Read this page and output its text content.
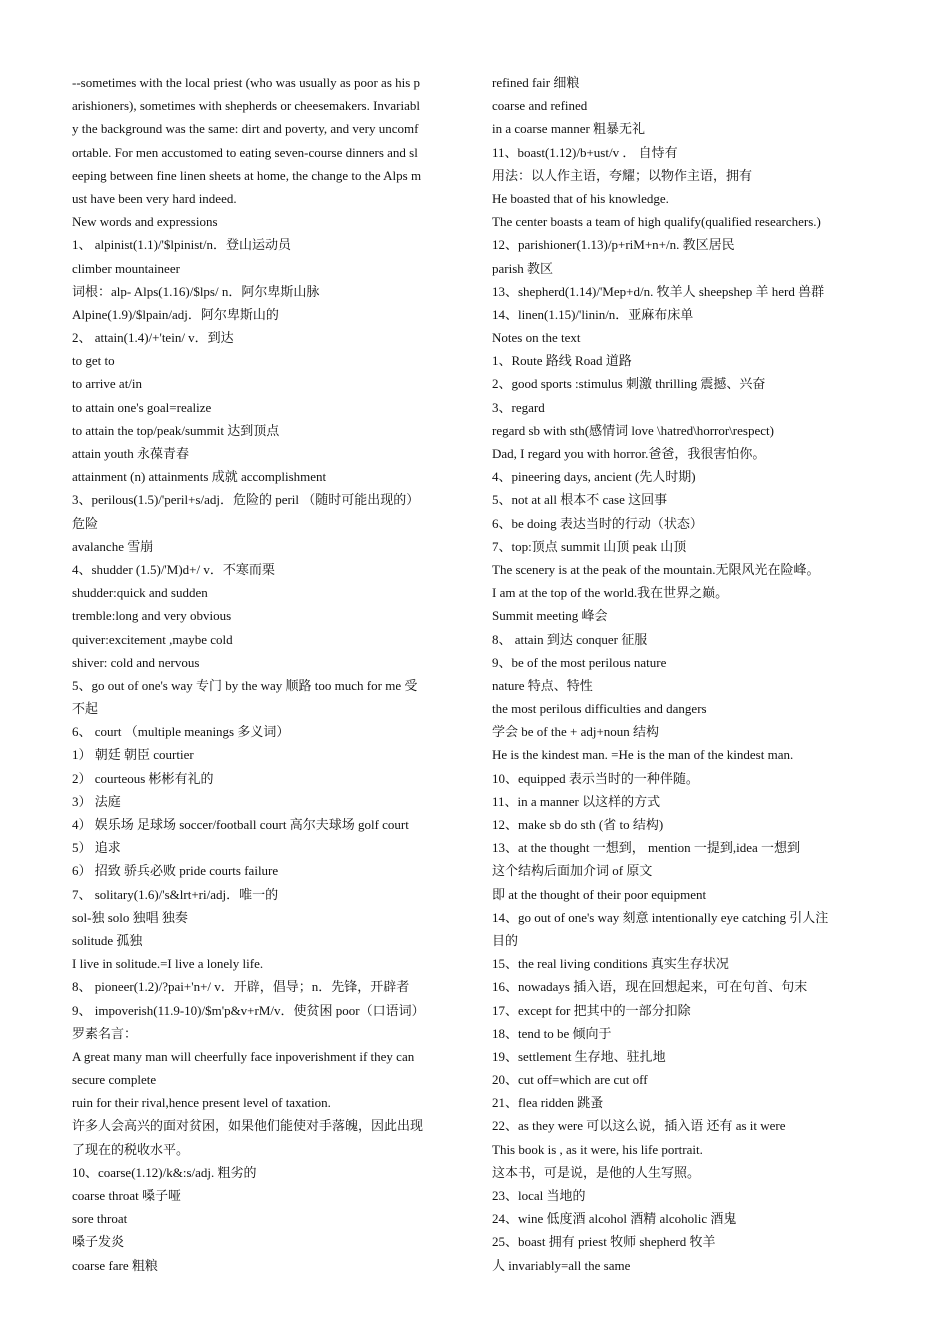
--sometimes with the local priest (who was usually as poor as his p
arishioners), sometimes with shepherds or cheesemakers. Invariabl
y the background was the same: dirt and poverty, and very uncomf
ortable. For men accustomed to eating seven-course dinners and sl
eeping between fine linen sheets at home, the change to the Alps m
ust have been very hard indeed.
New words and expressions
1、 alpinist(1.1)/'$lpinist/n．登山运动员
climber mountaineer
词根：alp- Alps(1.16)/$lps/ n．阿尔卑斯山脉
Alpine(1.9)/$lpain/adj．阿尔卑斯山的
2、 attain(1.4)/+'tein/ v．到达
to get to
to arrive at/in
to attain one's goal=realize
to attain the top/peak/summit 达到顶点
attain youth 永葆青春
attainment (n) attainments 成就 accomplishment
3、perilous(1.5)/'peril+s/adj．危险的 peril （随时可能出现的）
危险
avalanche 雪崩
4、shudder (1.5)/'M)d+/ v．不寒而栗
shudder:quick and sudden
tremble:long and very obvious
quiver:excitement ,maybe cold
shiver: cold and nervous
5、go out of one's way 专门 by the way 顺路 too much for me 受
不起
6、 court （multiple meanings 多义词）
1） 朝廷 朝臣 courtier
2） courteous 彬彬有礼的
3） 法庭
4） 娱乐场 足球场 soccer/football court 高尔夫球场 golf court
5） 追求
6） 招致 骄兵必败 pride courts failure
7、 solitary(1.6)/'s&lrt+ri/adj．唯一的
sol-独 solo 独唱 独奏
solitude 孤独
I live in solitude.=I live a lonely life.
8、 pioneer(1.2)/?pai+'n+/ v．开辟，倡导；n．先锋，开辟者
9、 impoverish(11.9-10)/$m'p&v+rM/v．使贫困 poor（口语词）
罗素名言：
A great many man will cheerfully face inpoverishment if they can
secure complete
ruin for their rival,hence present level of taxation.
许多人会高兴的面对贫困，如果他们能使对手落魄，因此出现
了现在的税收水平。
10、coarse(1.12)/k&:s/adj. 粗劣的
coarse throat 嗓子哑
sore throat
嗓子发炎
coarse fare 粗粮
refined fair 细粮
coarse and refined
in a coarse manner 粗暴无礼
11、boast(1.12)/b+ust/v ． 自恃有
用法：以人作主语，夸耀；以物作主语，拥有
He boasted that of his knowledge.
The center boasts a team of high qualify(qualified researchers.)
12、parishioner(1.13)/p+riM+n+/n. 教区居民
parish 教区
13、shepherd(1.14)/'Mep+d/n. 牧羊人 sheepshep 羊 herd 兽群
14、linen(1.15)/'linin/n．亚麻布床单
Notes on the text
1、Route 路线 Road 道路
2、good sports :stimulus 刺激 thrilling 震撼、兴奋
3、regard
regard sb with sth(感情词 love \hatred\horror\respect)
Dad, I regard you with horror.爸爸，我很害怕你。
4、pineering days, ancient (先人时期)
5、not at all 根本不 case 这回事
6、be doing 表达当时的行动（状态）
7、top:顶点 summit 山顶 peak 山顶
The scenery is at the peak of the mountain.无限风光在险峰。
I am at the top of the world.我在世界之巅。
Summit meeting 峰会
8、 attain 到达 conquer 征服
9、be of the most perilous nature
nature 特点、特性
the most perilous difficulties and dangers
学会 be of the + adj+noun 结构
He is the kindest man. =He is the man of the kindest man.
10、equipped 表示当时的一种伴随。
11、in a manner 以这样的方式
12、make sb do sth (省 to 结构)
13、at the thought 一想到， mention 一提到,idea 一想到
这个结构后面加介词 of 原文
即 at the thought of their poor equipment
14、go out of one's way 刻意 intentionally eye catching 引人注
目的
15、the real living conditions 真实生存状况
16、nowadays 插入语，现在回想起来，可在句首、句末
17、except for 把其中的一部分扣除
18、tend to be 倾向于
19、settlement 生存地、驻扎地
20、cut off=which are cut off
21、flea ridden 跳蚤
22、as they were 可以这么说，插入语 还有 as it were
This book is , as it were, his life portrait.
这本书，可是说，是他的人生写照。
23、local 当地的
24、wine 低度酒 alcohol 酒精 alcoholic 酒鬼
25、boast 拥有 priest 牧师 shepherd 牧羊
人 invariably=all the same
